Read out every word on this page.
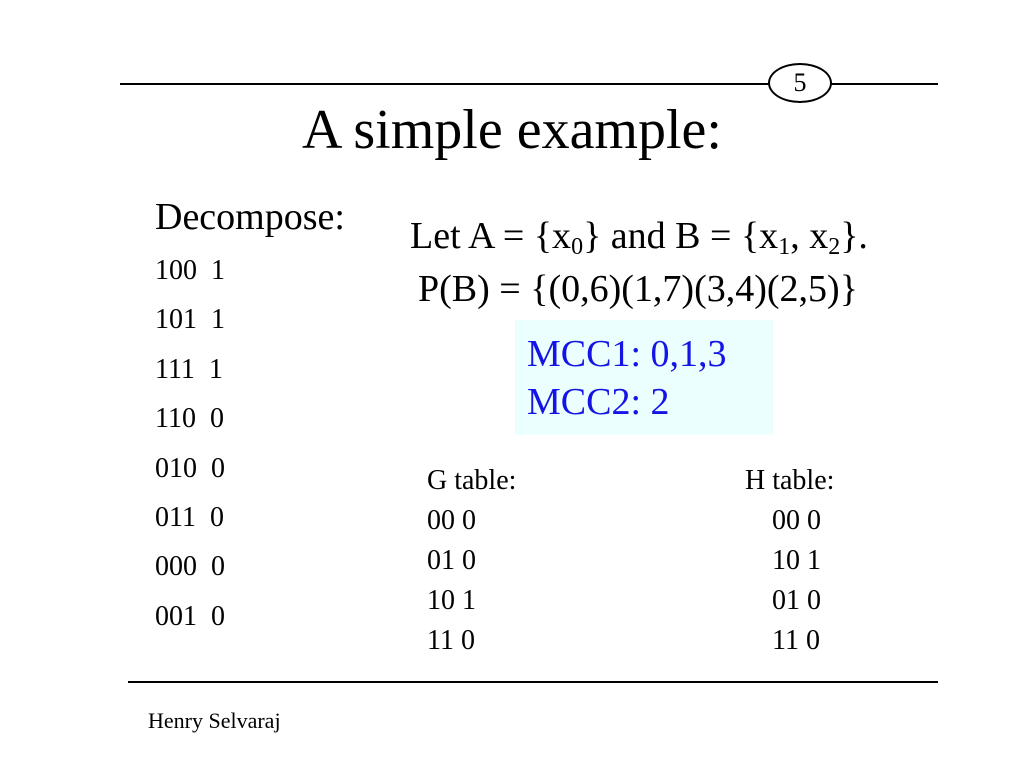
5
A simple example:
Decompose:
100  1
101  1
111  1
110  0
010  0
011  0
000  0
001  0
Let $A = \{x_0\}$ and $B = \{x_1$, $x_2$}.
P(B) = {(0,6)(1,7)(3,4)(2,5)}
MCC1: 0,1,3
MCC2: 2
G table:
00 0
01 0
10 1
11 0
H table:
00 0
10 1
01 0
11 0
Henry Selvaraj
